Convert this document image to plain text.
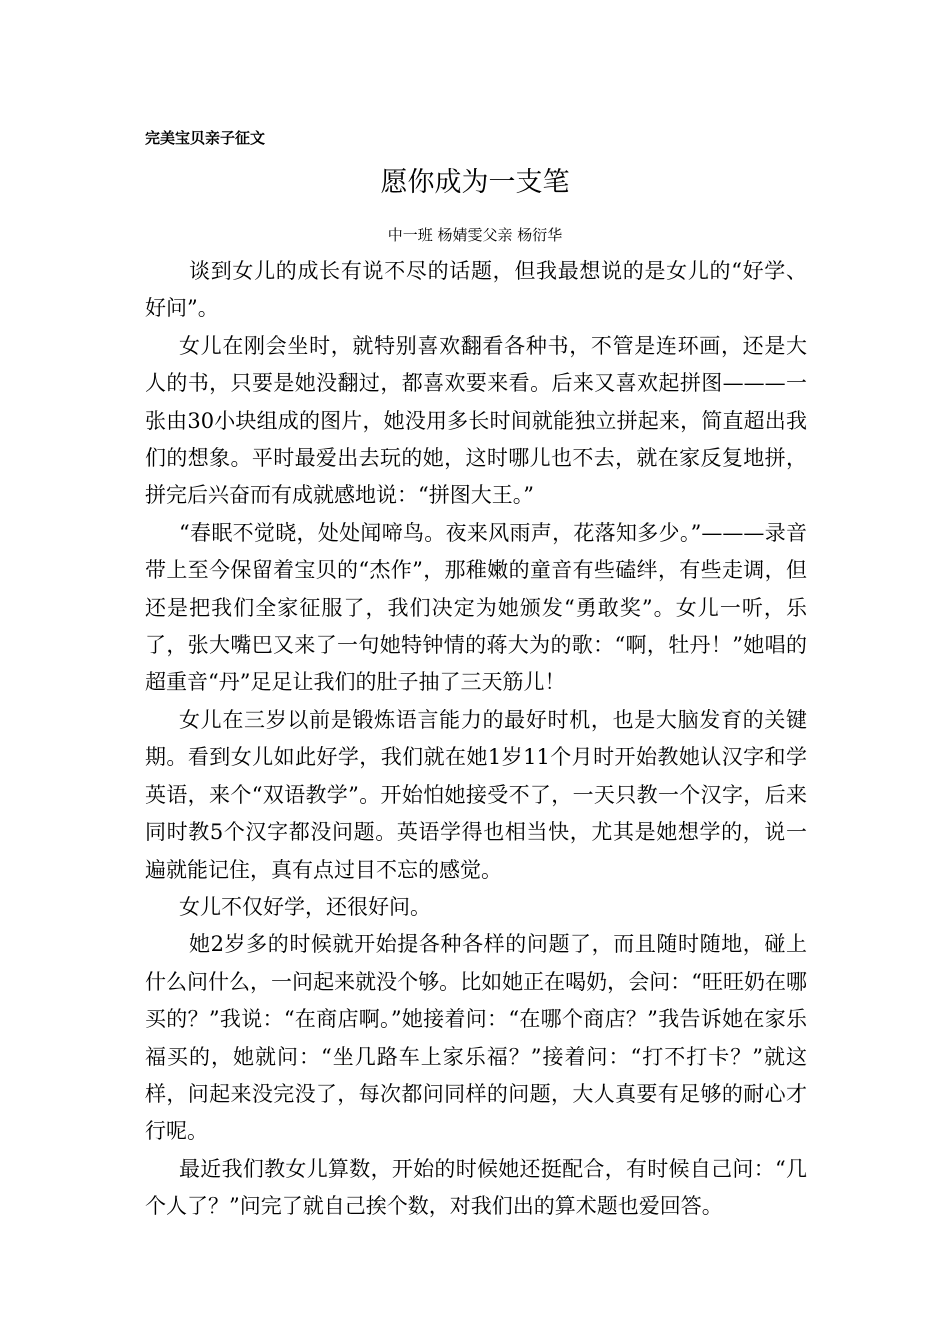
完美宝贝亲子征文
愿你成为一支笔
中一班 杨婧雯父亲 杨衍华

谈到女儿的成长有说不尽的话题，但我最想说的是女儿的“好学、好问”。

女儿在刚会坐时，就特别喜欢翻看各种书，不管是连环画，还是大人的书，只要是她没翻过，都喜欢要来看。后来又喜欢起拼图———一张由30小块组成的图片，她没用多长时间就能独立拼起来，简直超出我们的想象。平时最爱出去玩的她，这时哪儿也不去，就在家反复地拼，拼完后兴奋而有成就感地说：“拼图大王。”

“春眠不觉晓，处处闻啼鸟。夜来风雨声，花落知多少。”———录音带上至今保留着宝贝的“杰作”，那稚嫩的童音有些磕绊，有些走调，但还是把我们全家征服了，我们决定为她颁发“勇敢奖”。女儿一听，乐了，张大嘴巴又来了一句她特钟情的蒋大为的歌：“啊，牡丹！”她唱的超重音“丹”足足让我们的肚子抽了三天筋儿！

女儿在三岁以前是锻炼语言能力的最好时机，也是大脑发育的关键期。看到女儿如此好学，我们就在她1岁11个月时开始教她认汉字和学英语，来个“双语教学”。开始怕她接受不了，一天只教一个汉字，后来同时教5个汉字都没问题。英语学得也相当快，尤其是她想学的，说一遍就能记住，真有点过目不忘的感觉。

女儿不仅好学，还很好问。

她2岁多的时候就开始提各种各样的问题了，而且随时随地，碰上什么问什么，一问起来就没个够。比如她正在喝奶，会问：“旺旺奶在哪买的？”我说：“在商店啊。”她接着问：“在哪个商店？”我告诉她在家乐福买的，她就问：“坐几路车上家乐福？”接着问：“打不打卡？”就这样，问起来没完没了，每次都问同样的问题，大人真要有足够的耐心才行呢。

最近我们教女儿算数，开始的时候她还挺配合，有时候自己问：“几个人了？”问完了就自己挨个数，对我们出的算术题也爱回答。
